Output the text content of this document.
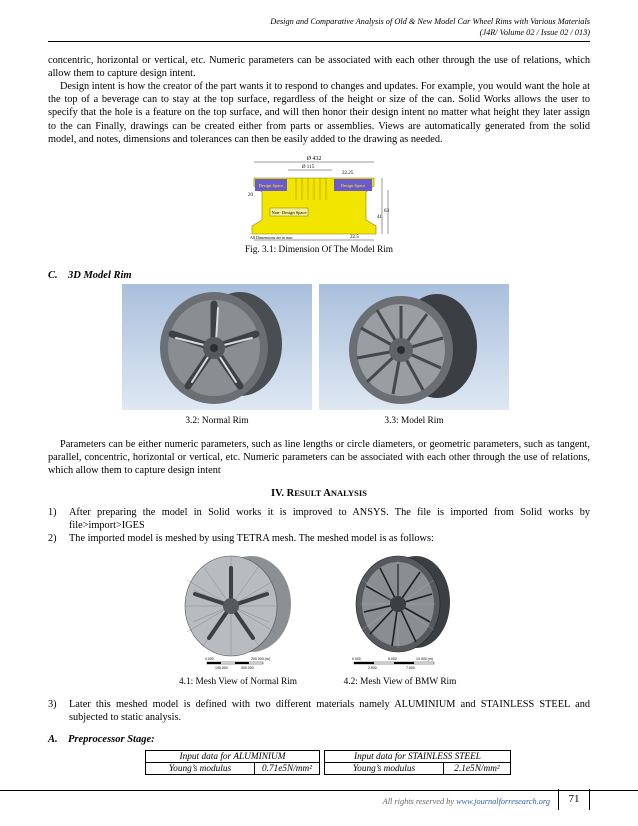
Design and Comparative Analysis of Old & New Model Car Wheel Rims with Various Materials
(J4R/ Volume 02 / Issue 02 / 013)

concentric, horizontal or vertical, etc. Numeric parameters can be associated with each other through the use of relations, which allow them to capture design intent.

Design intent is how the creator of the part wants it to respond to changes and updates. For example, you would want the hole at the top of a beverage can to stay at the top surface, regardless of the height or size of the can. Solid Works allows the user to specify that the hole is a feature on the top surface, and will then honor their design intent no matter what height they later assign to the can Finally, drawings can be created either from parts or assemblies. Views are automatically generated from the solid model, and notes, dimensions and tolerances can then be easily added to the drawing as needed.

Ø 432
Ø 115
22.25
20
41
63
Design Space	Design Space
Non- Design Space
All Dimensions are in mm	22.5
Fig. 3.1: Dimension Of The Model Rim
C. 3D Model Rim
3.2: Normal Rim	3.3: Model Rim

Parameters can be either numeric parameters, such as line lengths or circle diameters, or geometric parameters, such as tangent, parallel, concentric, horizontal or vertical, etc. Numeric parameters can be associated with each other through the use of relations, which allow them to capture design intent

IV. RESULT ANALYSIS
1) After preparing the model in Solid works it is improved to ANSYS. The file is imported from Solid works by file>import>IGES
2) The imported model is meshed by using TETRA mesh. The meshed model is as follows:
0.000	200.000 (m)
100.000	300.000
0.000	10.000 (m)
5.000
2.500	7.500
4.1: Mesh View of Normal Rim	4.2: Mesh View of BMW Rim
3) Later this meshed model is defined with two different materials namely ALUMINIUM and STAINLESS STEEL and subjected to static analysis.
A. Preprocessor Stage:
Input data for ALUMINIUM			Input data for STAINLESS STEEL	
Young’s modulus	0.71e5N/mm²		Young’s modulus	2.1e5N/mm²
All rights reserved by www.journalforresearch.org	71
